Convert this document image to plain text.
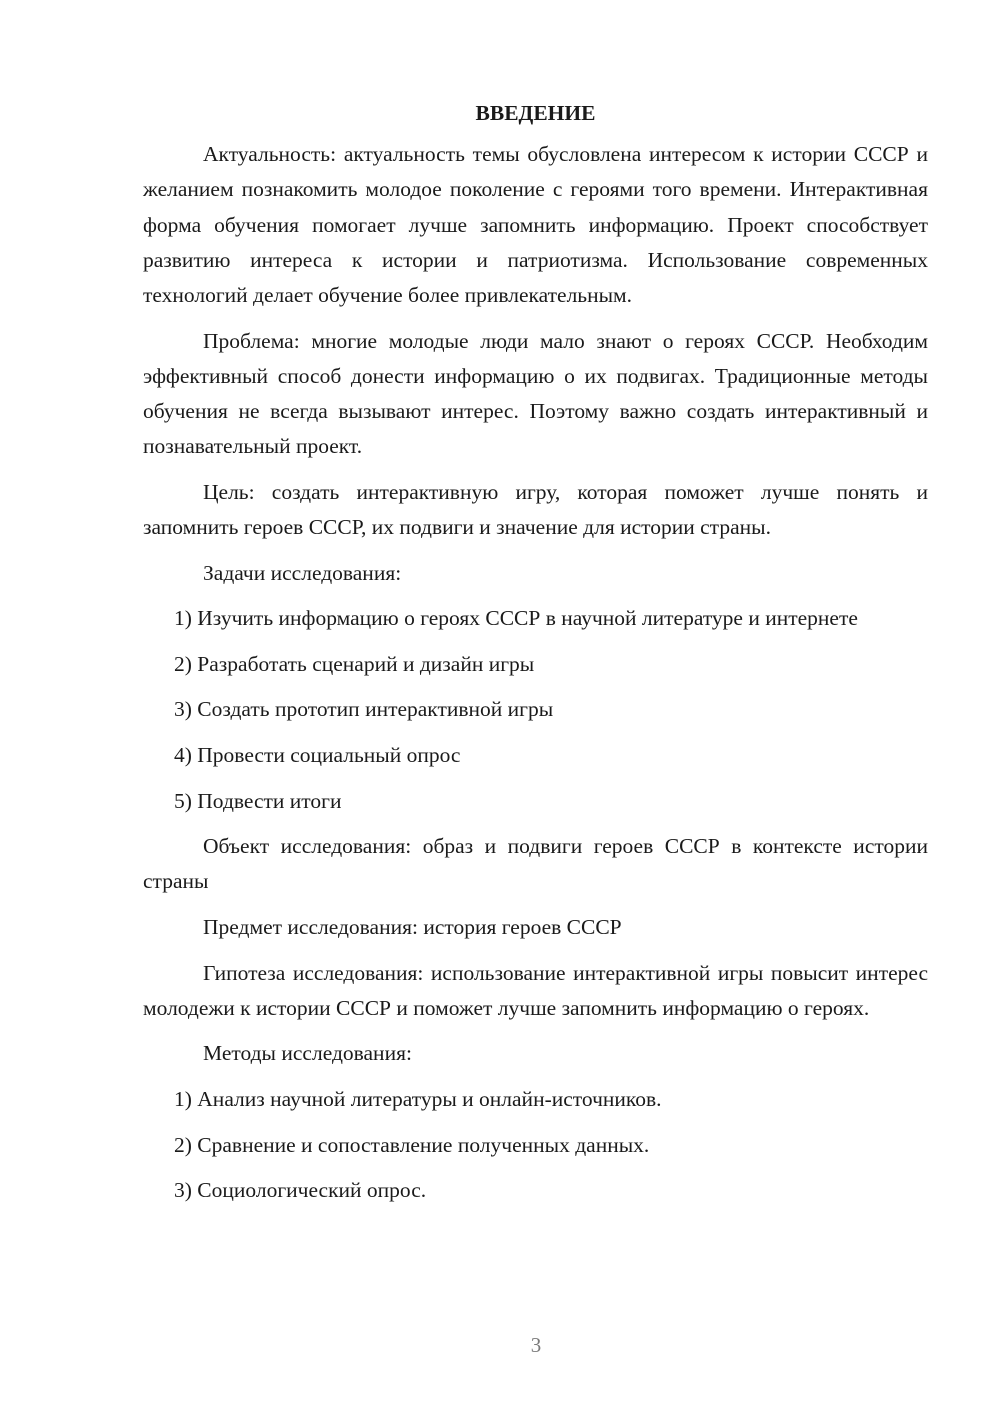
ВВЕДЕНИЕ

Актуальность: актуальность темы обусловлена интересом к истории СССР и желанием познакомить молодое поколение с героями того времени. Интерактивная форма обучения помогает лучше запомнить информацию. Проект способствует развитию интереса к истории и патриотизма. Использование современных технологий делает обучение более привлекательным.

Проблема: многие молодые люди мало знают о героях СССР. Необходим эффективный способ донести информацию о их подвигах. Традиционные методы обучения не всегда вызывают интерес. Поэтому важно создать интерактивный и познавательный проект.

Цель: создать интерактивную игру, которая поможет лучше понять и запомнить героев СССР, их подвиги и значение для истории страны.

Задачи исследования:

1) Изучить информацию о героях СССР в научной литературе и интернете

2) Разработать сценарий и дизайн игры

3) Создать прототип интерактивной игры

4) Провести социальный опрос

5) Подвести итоги

Объект исследования: образ и подвиги героев СССР в контексте истории страны

Предмет исследования: история героев СССР

Гипотеза исследования: использование интерактивной игры повысит интерес молодежи к истории СССР и поможет лучше запомнить информацию о героях.

Методы исследования:

1) Анализ научной литературы и онлайн-источников.

2) Сравнение и сопоставление полученных данных.

3) Социологический опрос.

3
